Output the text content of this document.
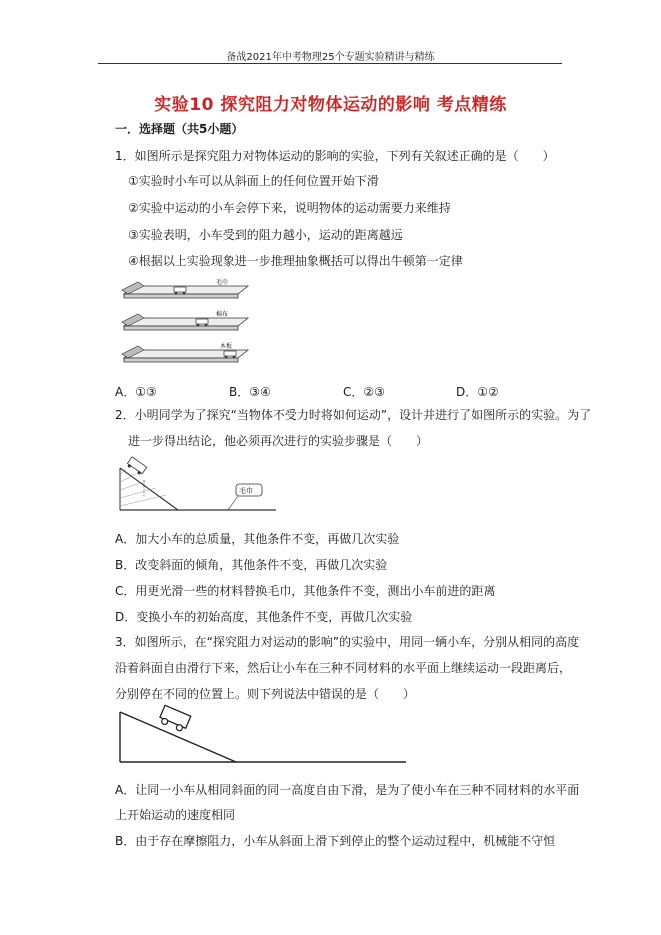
备战2021年中考物理25个专题实验精讲与精练
实验10 探究阻力对物体运动的影响 考点精练
一．选择题（共5小题）
1．如图所示是探究阻力对物体运动的影响的实验，下列有关叙述正确的是（　　）
①实验时小车可以从斜面上的任何位置开始下滑
②实验中运动的小车会停下来，说明物体的运动需要力来维持
③实验表明，小车受到的阻力越小，运动的距离越远
④根据以上实验现象进一步推理抽象概括可以得出牛顿第一定律
毛巾
棉布
木板
A．①③	B．③④	C．②③	D．①②
2．小明同学为了探究“当物体不受力时将如何运动”，设计并进行了如图所示的实验。为了
进一步得出结论，他必须再次进行的实验步骤是（　　）
毛巾
A．加大小车的总质量，其他条件不变，再做几次实验
B．改变斜面的倾角，其他条件不变，再做几次实验
C．用更光滑一些的材料替换毛巾，其他条件不变，测出小车前进的距离
D．变换小车的初始高度，其他条件不变，再做几次实验
3．如图所示，在“探究阻力对运动的影响”的实验中，用同一辆小车，分别从相同的高度
沿着斜面自由滑行下来，然后让小车在三种不同材料的水平面上继续运动一段距离后，
分别停在不同的位置上。则下列说法中错误的是（　　）
A．让同一小车从相同斜面的同一高度自由下滑，是为了使小车在三种不同材料的水平面
上开始运动的速度相同
B．由于存在摩擦阻力，小车从斜面上滑下到停止的整个运动过程中，机械能不守恒
